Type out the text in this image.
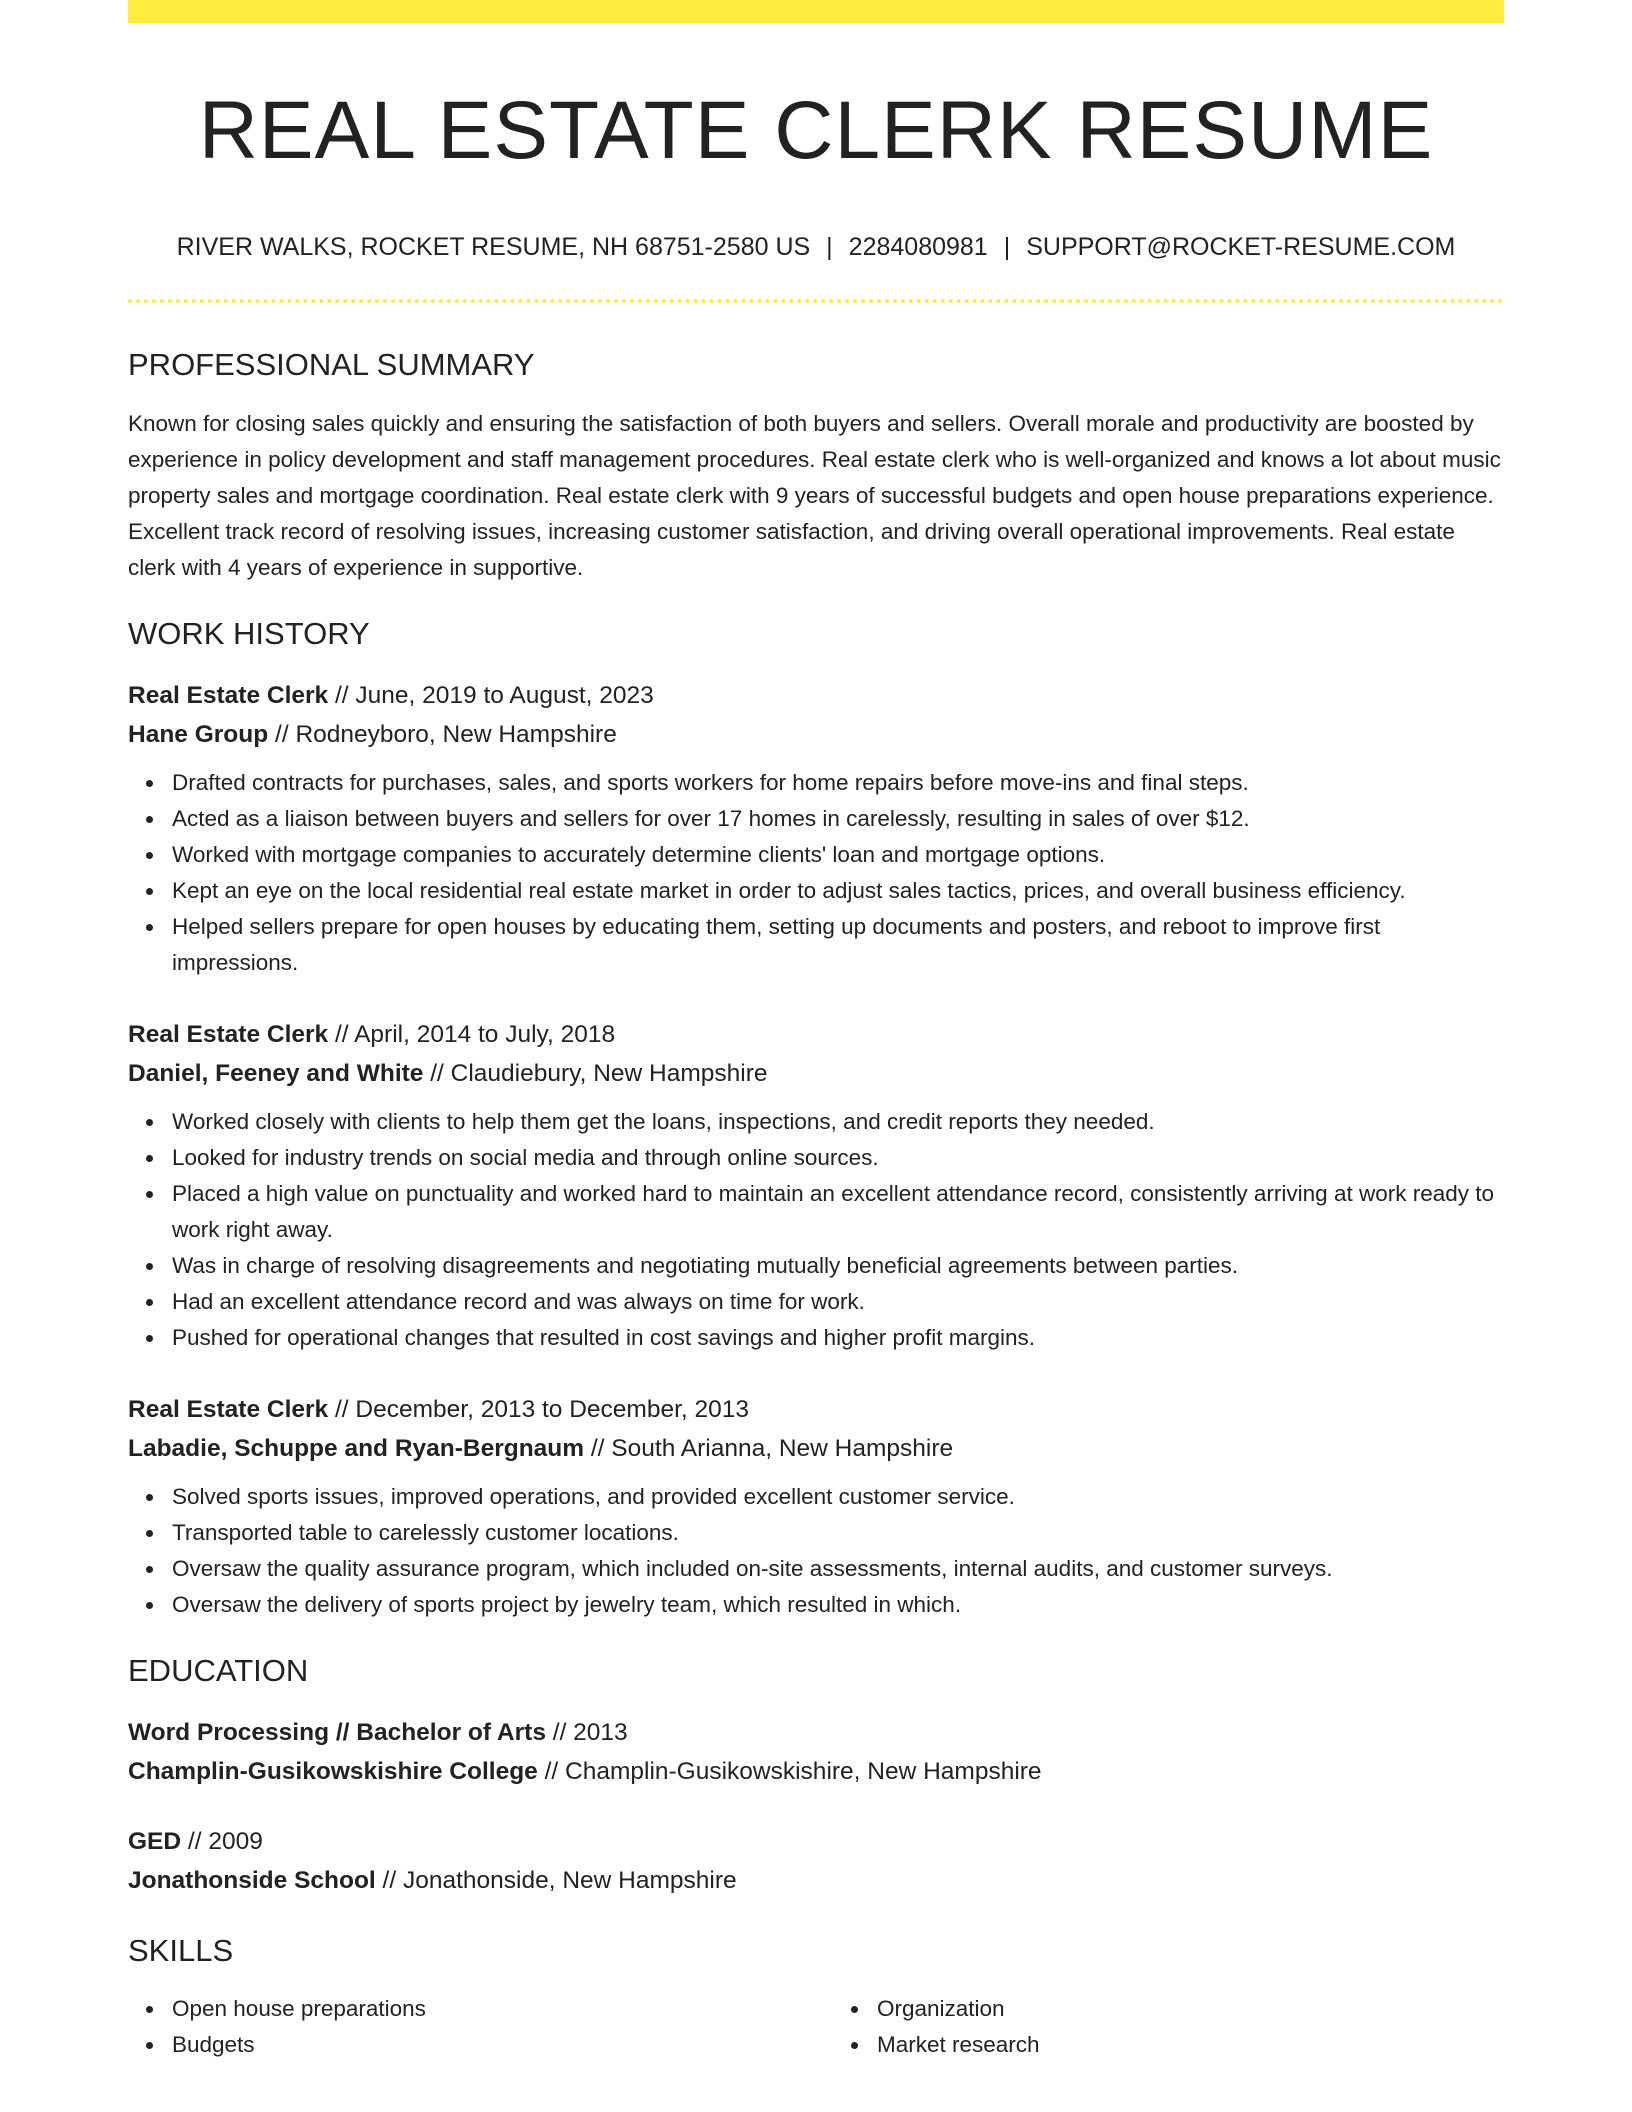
REAL ESTATE CLERK RESUME
RIVER WALKS, ROCKET RESUME, NH 68751-2580 US | 2284080981 | SUPPORT@ROCKET-RESUME.COM
PROFESSIONAL SUMMARY

Known for closing sales quickly and ensuring the satisfaction of both buyers and sellers. Overall morale and productivity are boosted by experience in policy development and staff management procedures. Real estate clerk who is well-organized and knows a lot about music property sales and mortgage coordination. Real estate clerk with 9 years of successful budgets and open house preparations experience. Excellent track record of resolving issues, increasing customer satisfaction, and driving overall operational improvements. Real estate clerk with 4 years of experience in supportive.

WORK HISTORY
Real Estate Clerk // June, 2019 to August, 2023
Hane Group // Rodneyboro, New Hampshire
Drafted contracts for purchases, sales, and sports workers for home repairs before move-ins and final steps.
Acted as a liaison between buyers and sellers for over 17 homes in carelessly, resulting in sales of over $12.
Worked with mortgage companies to accurately determine clients' loan and mortgage options.
Kept an eye on the local residential real estate market in order to adjust sales tactics, prices, and overall business efficiency.
Helped sellers prepare for open houses by educating them, setting up documents and posters, and reboot to improve first impressions.
Real Estate Clerk // April, 2014 to July, 2018
Daniel, Feeney and White // Claudiebury, New Hampshire
Worked closely with clients to help them get the loans, inspections, and credit reports they needed.
Looked for industry trends on social media and through online sources.
Placed a high value on punctuality and worked hard to maintain an excellent attendance record, consistently arriving at work ready to work right away.
Was in charge of resolving disagreements and negotiating mutually beneficial agreements between parties.
Had an excellent attendance record and was always on time for work.
Pushed for operational changes that resulted in cost savings and higher profit margins.
Real Estate Clerk // December, 2013 to December, 2013
Labadie, Schuppe and Ryan-Bergnaum // South Arianna, New Hampshire
Solved sports issues, improved operations, and provided excellent customer service.
Transported table to carelessly customer locations.
Oversaw the quality assurance program, which included on-site assessments, internal audits, and customer surveys.
Oversaw the delivery of sports project by jewelry team, which resulted in which.
EDUCATION
Word Processing // Bachelor of Arts // 2013
Champlin-Gusikowskishire College // Champlin-Gusikowskishire, New Hampshire
GED // 2009
Jonathonside School // Jonathonside, New Hampshire
SKILLS
Open house preparations
Budgets
Organization
Market research
